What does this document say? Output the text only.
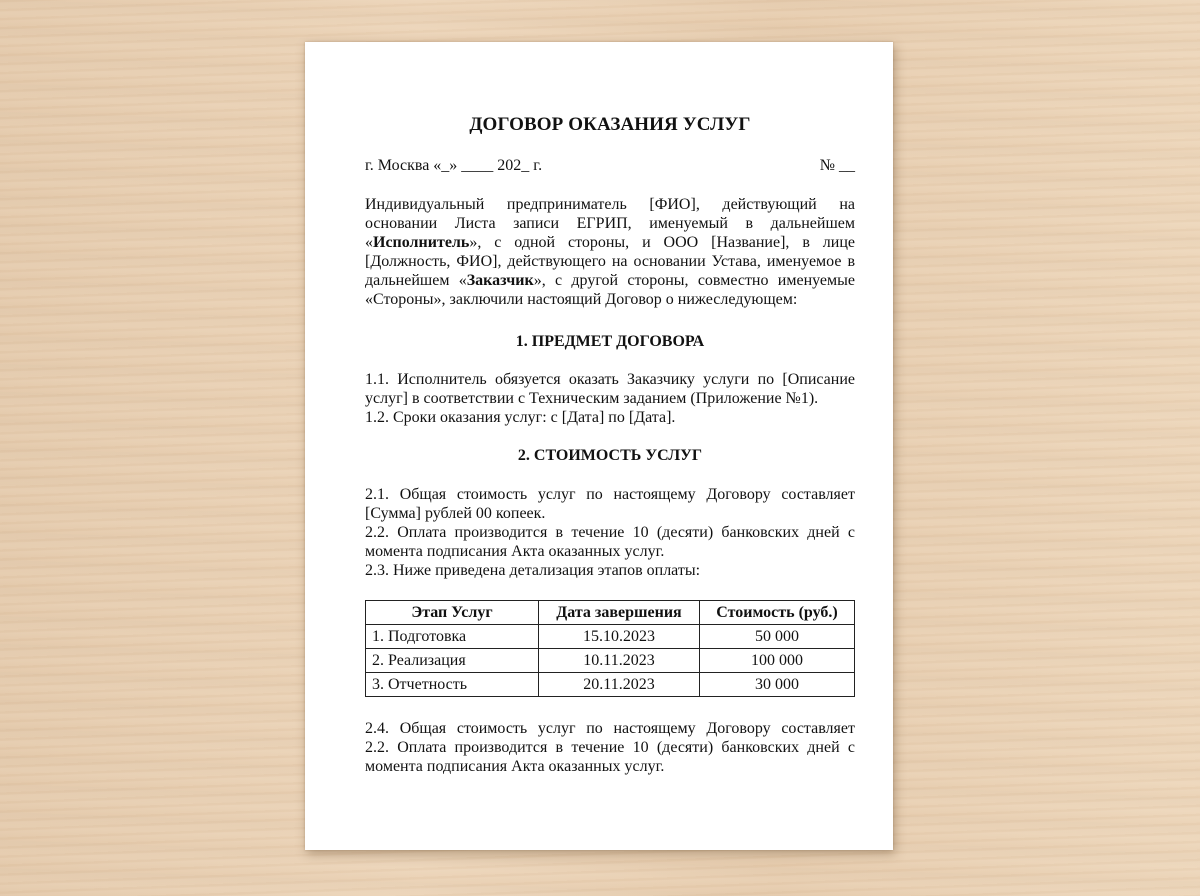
ДОГОВОР ОКАЗАНИЯ УСЛУГ
г. Москва «_» ____ 202_ г.	№ __
Индивидуальный предприниматель [ФИО], действующий на основании Листа записи ЕГРИП, именуемый в дальнейшем «Исполнитель», с одной стороны, и ООО [Название], в лице [Должность, ФИО], действующего на основании Устава, именуемое в дальнейшем «Заказчик», с другой стороны, совместно именуемые «Стороны», заключили настоящий Договор о нижеследующем:
1. ПРЕДМЕТ ДОГОВОРА

1.1. Исполнитель обязуется оказать Заказчику услуги по [Описание услуг] в соответствии с Техническим заданием (Приложение №1).

1.2. Сроки оказания услуг: с [Дата] по [Дата].

2. СТОИМОСТЬ УСЛУГ

2.1. Общая стоимость услуг по настоящему Договору составляет [Сумма] рублей 00 копеек.

2.2. Оплата производится в течение 10 (десяти) банковских дней с момента подписания Акта оказанных услуг.

2.3. Ниже приведена детализация этапов оплаты:

Этап Услуг	Дата завершения	Стоимость (руб.)
1. Подготовка	15.10.2023	50 000
2. Реализация	10.11.2023	100 000
3. Отчетность	20.11.2023	30 000

2.4. Общая стоимость услуг по настоящему Договору составляет

2.2. Оплата производится в течение 10 (десяти) банковских дней с момента подписания Акта оказанных услуг.
